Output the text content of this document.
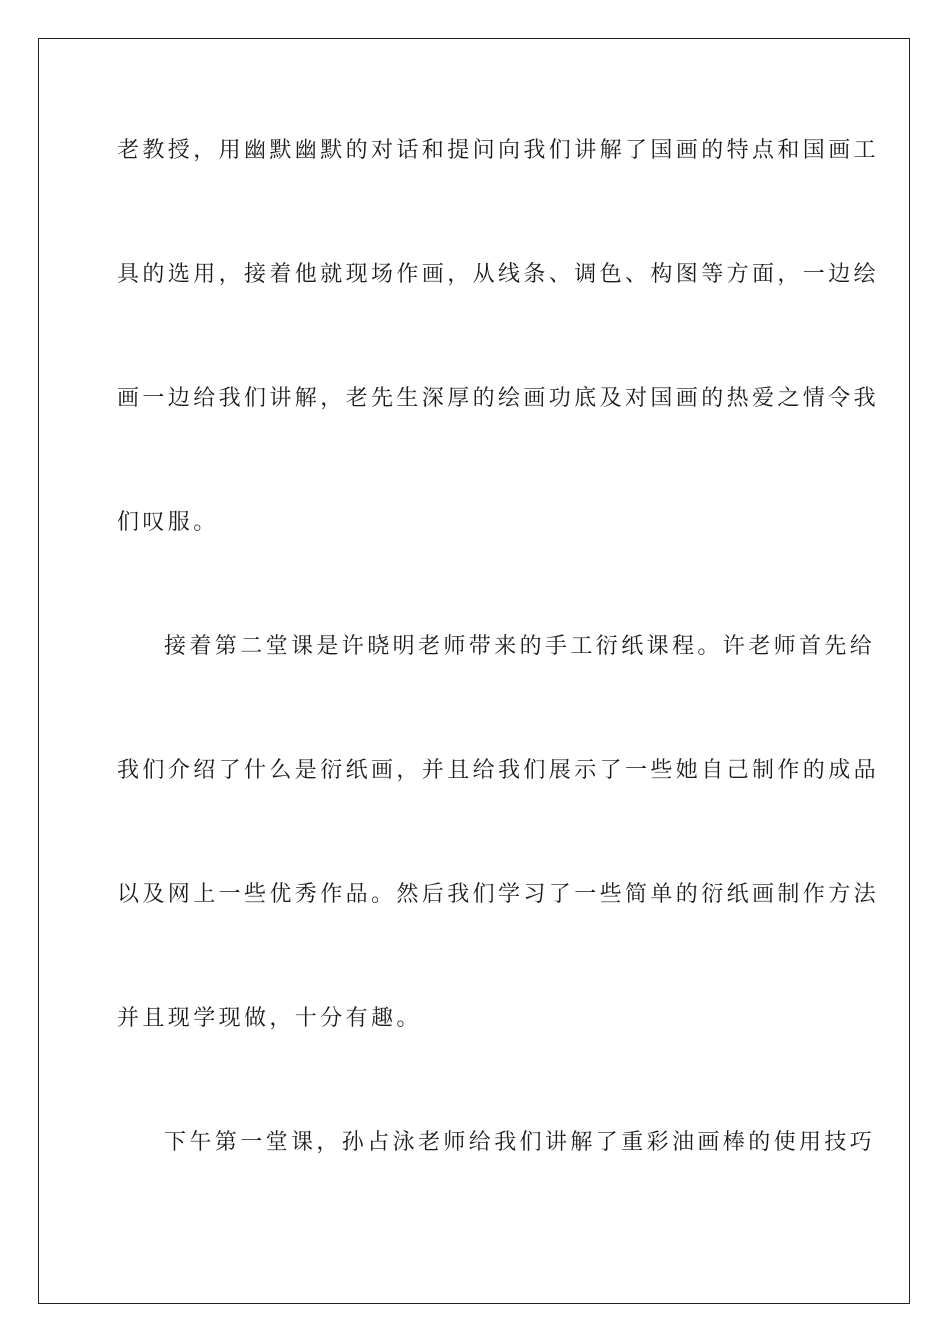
老教授，用幽默幽默的对话和提问向我们讲解了国画的特点和国画工
具的选用，接着他就现场作画，从线条、调色、构图等方面，一边绘
画一边给我们讲解，老先生深厚的绘画功底及对国画的热爱之情令我
们叹服。
接着第二堂课是许晓明老师带来的手工衍纸课程。许老师首先给
我们介绍了什么是衍纸画，并且给我们展示了一些她自己制作的成品
以及网上一些优秀作品。然后我们学习了一些简单的衍纸画制作方法
并且现学现做，十分有趣。
下午第一堂课，孙占泳老师给我们讲解了重彩油画棒的使用技巧
